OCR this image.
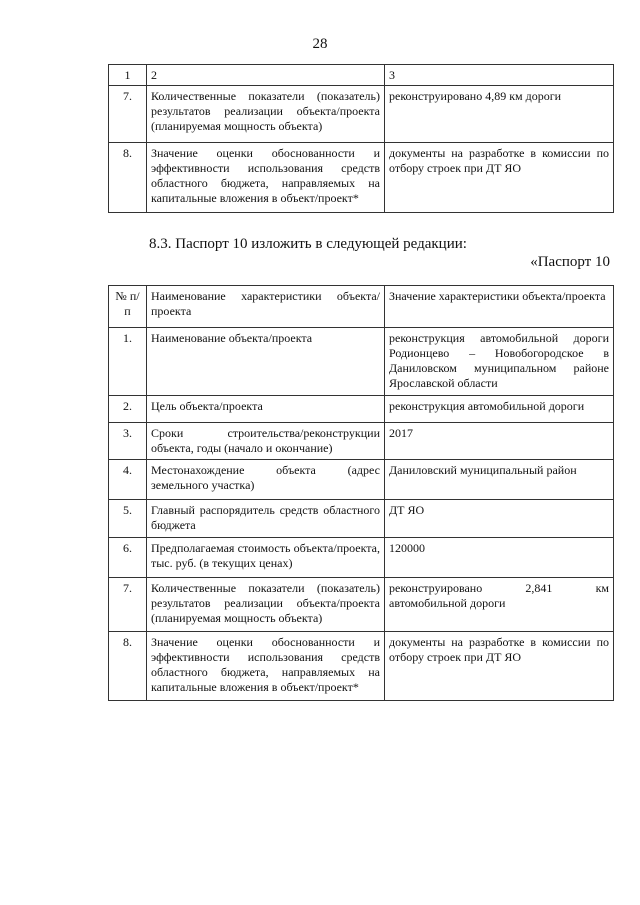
28
1	2	3
7.	Количественные показатели (показатель) результатов реализации объекта/проекта (планируемая мощность объекта)	реконструировано 4,89 км дороги
8.	Значение оценки обоснованности и эффективности использования средств областного бюджета, направляемых на капитальные вложения в объект/проект*	документы на разработке в комиссии по отбору строек при ДТ ЯО
8.3. Паспорт 10 изложить в следующей редакции:
«Паспорт 10
№ п/п	Наименование характеристики объекта/проекта	Значение характеристики объекта/проекта
1.	Наименование объекта/проекта	реконструкция автомобильной дороги Родионцево – Новобогородское в Даниловском муниципальном районе Ярославской области
2.	Цель объекта/проекта	реконструкция автомобильной дороги
3.	Сроки строительства/реконструкции объекта, годы (начало и окончание)	2017
4.	Местонахождение объекта (адрес земельного участка)	Даниловский муниципальный район
5.	Главный распорядитель средств областного бюджета	ДТ ЯО
6.	Предполагаемая стоимость объекта/проекта, тыс. руб. (в текущих ценах)	120000
7.	Количественные показатели (показатель) результатов реализации объекта/проекта (планируемая мощность объекта)	реконструировано 2,841 км автомобильной дороги
8.	Значение оценки обоснованности и эффективности использования средств областного бюджета, направляемых на капитальные вложения в объект/проект*	документы на разработке в комиссии по отбору строек при ДТ ЯО
